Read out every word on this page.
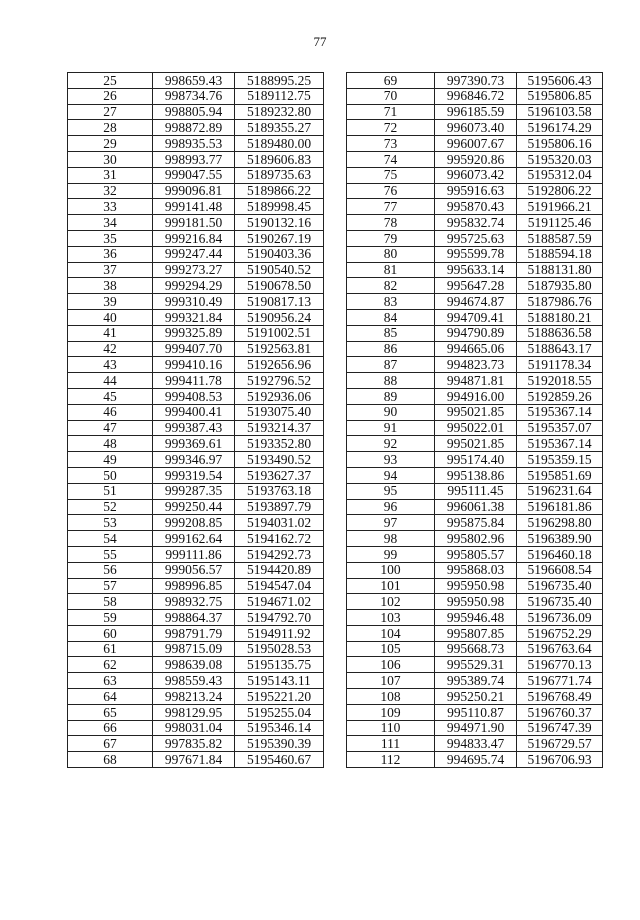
77
25	998659.43	5188995.25
26	998734.76	5189112.75
27	998805.94	5189232.80
28	998872.89	5189355.27
29	998935.53	5189480.00
30	998993.77	5189606.83
31	999047.55	5189735.63
32	999096.81	5189866.22
33	999141.48	5189998.45
34	999181.50	5190132.16
35	999216.84	5190267.19
36	999247.44	5190403.36
37	999273.27	5190540.52
38	999294.29	5190678.50
39	999310.49	5190817.13
40	999321.84	5190956.24
41	999325.89	5191002.51
42	999407.70	5192563.81
43	999410.16	5192656.96
44	999411.78	5192796.52
45	999408.53	5192936.06
46	999400.41	5193075.40
47	999387.43	5193214.37
48	999369.61	5193352.80
49	999346.97	5193490.52
50	999319.54	5193627.37
51	999287.35	5193763.18
52	999250.44	5193897.79
53	999208.85	5194031.02
54	999162.64	5194162.72
55	999111.86	5194292.73
56	999056.57	5194420.89
57	998996.85	5194547.04
58	998932.75	5194671.02
59	998864.37	5194792.70
60	998791.79	5194911.92
61	998715.09	5195028.53
62	998639.08	5195135.75
63	998559.43	5195143.11
64	998213.24	5195221.20
65	998129.95	5195255.04
66	998031.04	5195346.14
67	997835.82	5195390.39
68	997671.84	5195460.67
69	997390.73	5195606.43
70	996846.72	5195806.85
71	996185.59	5196103.58
72	996073.40	5196174.29
73	996007.67	5195806.16
74	995920.86	5195320.03
75	996073.42	5195312.04
76	995916.63	5192806.22
77	995870.43	5191966.21
78	995832.74	5191125.46
79	995725.63	5188587.59
80	995599.78	5188594.18
81	995633.14	5188131.80
82	995647.28	5187935.80
83	994674.87	5187986.76
84	994709.41	5188180.21
85	994790.89	5188636.58
86	994665.06	5188643.17
87	994823.73	5191178.34
88	994871.81	5192018.55
89	994916.00	5192859.26
90	995021.85	5195367.14
91	995022.01	5195357.07
92	995021.85	5195367.14
93	995174.40	5195359.15
94	995138.86	5195851.69
95	995111.45	5196231.64
96	996061.38	5196181.86
97	995875.84	5196298.80
98	995802.96	5196389.90
99	995805.57	5196460.18
100	995868.03	5196608.54
101	995950.98	5196735.40
102	995950.98	5196735.40
103	995946.48	5196736.09
104	995807.85	5196752.29
105	995668.73	5196763.64
106	995529.31	5196770.13
107	995389.74	5196771.74
108	995250.21	5196768.49
109	995110.87	5196760.37
110	994971.90	5196747.39
111	994833.47	5196729.57
112	994695.74	5196706.93
